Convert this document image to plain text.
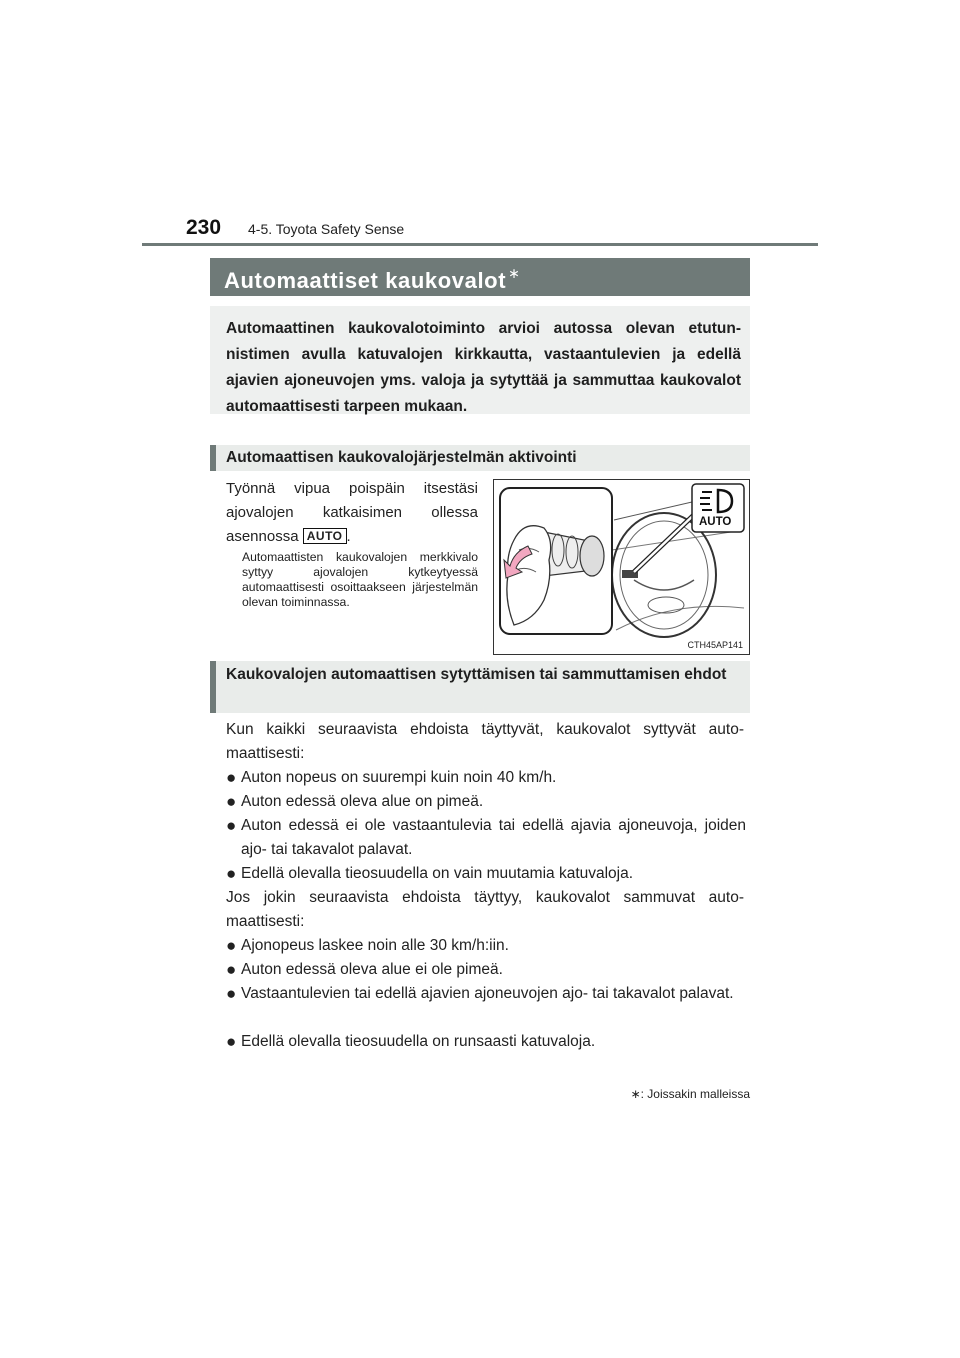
230 4-5. Toyota Safety Sense
Automaattiset kaukovalot ∗
Automaattinen kaukovalotoiminto arvioi autossa olevan etutunnistimen avulla katuvalojen kirkkautta, vastaantulevien ja edellä ajavien ajoneuvojen yms. valoja ja sytyttää ja sammuttaa kaukovalot automaattisesti tarpeen mukaan.
Automaattisen kaukovalojärjestelmän aktivointi
Työnnä vipua poispäin itsestäsi ajovalojen katkaisimen ollessa asennossa AUTO .
Automaattisten kaukovalojen merkkivalo syttyy ajovalojen kytkeytyessä automaattisesti osoittaakseen järjestelmän olevan toiminnassa.
AUTO
CTH45AP141
Kaukovalojen automaattisen sytyttämisen tai sammuttamisen ehdot
Kun kaikki seuraavista ehdoista täyttyvät, kaukovalot syttyvät automaattisesti:
● Auton nopeus on suurempi kuin noin 40 km/h.
● Auton edessä oleva alue on pimeä.
● Auton edessä ei ole vastaantulevia tai edellä ajavia ajoneuvoja, joiden ajo- tai takavalot palavat.
● Edellä olevalla tieosuudella on vain muutamia katuvaloja.
Jos jokin seuraavista ehdoista täyttyy, kaukovalot sammuvat automaattisesti:
● Ajonopeus laskee noin alle 30 km/h:iin.
● Auton edessä oleva alue ei ole pimeä.
● Vastaantulevien tai edellä ajavien ajoneuvojen ajo- tai takavalot palavat.
● Edellä olevalla tieosuudella on runsaasti katuvaloja.
∗: Joissakin malleissa
